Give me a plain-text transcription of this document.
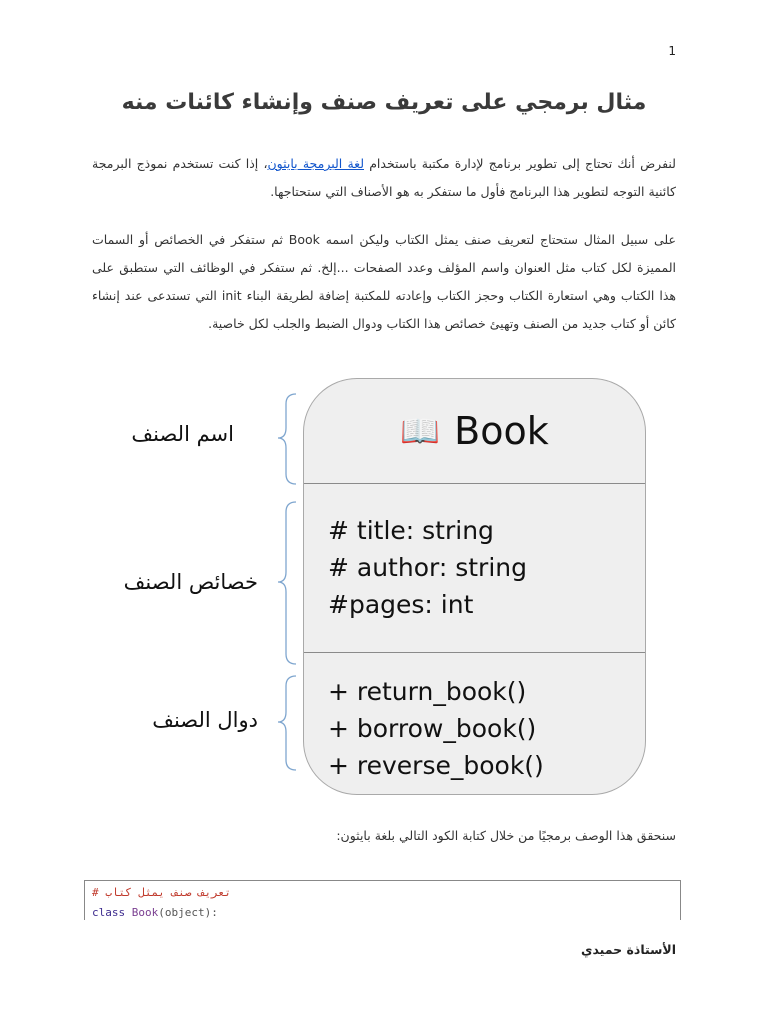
1
مثال برمجي على تعريف صنف وإنشاء كائنات منه

لنفرض أنك تحتاج إلى تطوير برنامج لإدارة مكتبة باستخدام لغة البرمجة بايثون، إذا كنت تستخدم نموذج البرمجة كائنية التوجه لتطوير هذا البرنامج فأول ما ستفكر به هو الأصناف التي ستحتاجها.

على سبيل المثال ستحتاج لتعريف صنف يمثل الكتاب وليكن اسمه Book ثم ستفكر في الخصائص أو السمات المميزة لكل كتاب مثل العنوان واسم المؤلف وعدد الصفحات ...إلخ. ثم ستفكر في الوظائف التي ستطبق على هذا الكتاب وهي استعارة الكتاب وحجز الكتاب وإعادته للمكتبة إضافة لطريقة البناء init التي تستدعى عند إنشاء كائن أو كتاب جديد من الصنف وتهيئ خصائص هذا الكتاب ودوال الضبط والجلب لكل خاصية.

اسم الصنف
خصائص الصنف
دوال الصنف
📖 Book
# title: string
# author: string
#pages: int
+ return_book()
+ borrow_book()
+ reverse_book()

سنحقق هذا الوصف برمجيًا من خلال كتابة الكود التالي بلغة بايثون:

# تعريف صنف يمثل كتاب
class Book(object):
الأستاذة حميدي
